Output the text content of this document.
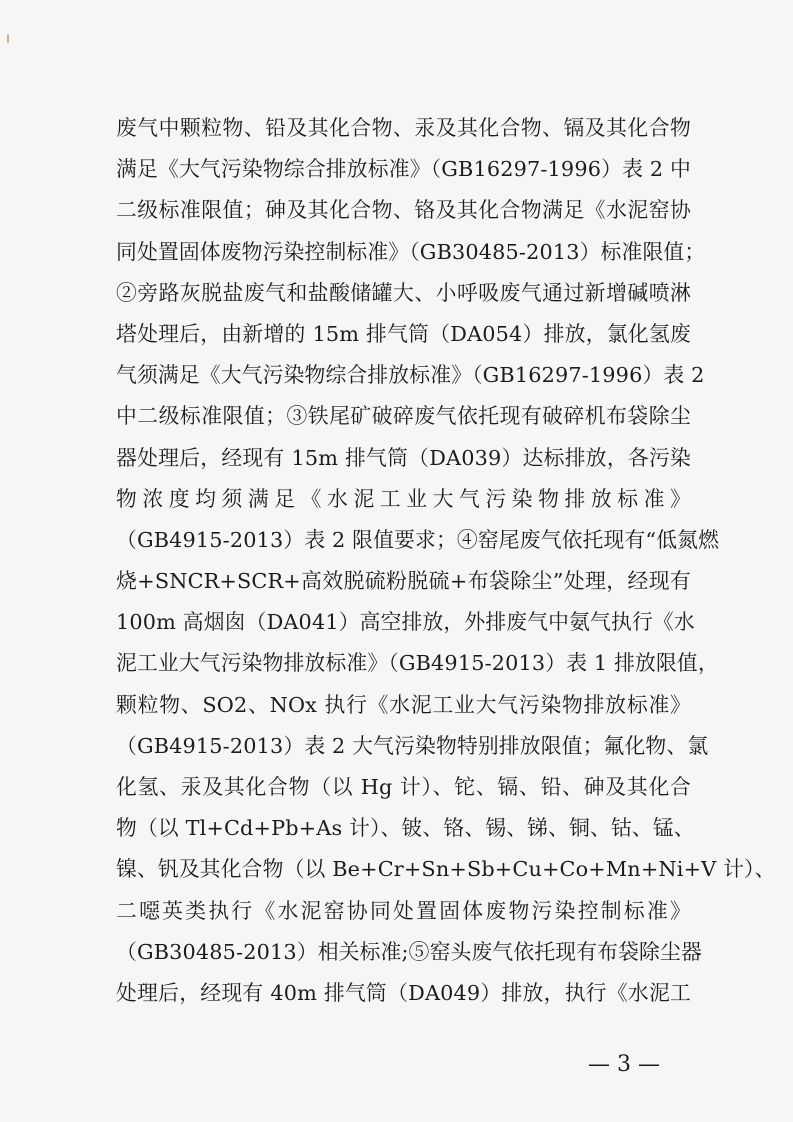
废气中颗粒物、铅及其化合物、汞及其化合物、镉及其化合物
满足《大气污染物综合排放标准》（GB16297-1996）表 2 中
二级标准限值；砷及其化合物、铬及其化合物满足《水泥窑协
同处置固体废物污染控制标准》（GB30485-2013）标准限值；
②旁路灰脱盐废气和盐酸储罐大、小呼吸废气通过新增碱喷淋
塔处理后，由新增的 15m 排气筒（DA054）排放，氯化氢废
气须满足《大气污染物综合排放标准》（GB16297-1996）表 2
中二级标准限值；③铁尾矿破碎废气依托现有破碎机布袋除尘
器处理后，经现有 15m 排气筒（DA039）达标排放，各污染
物浓度均须满足《水泥工业大气污染物排放标准》
（GB4915-2013）表 2 限值要求；④窑尾废气依托现有“低氮燃
烧+SNCR+SCR+高效脱硫粉脱硫+布袋除尘”处理，经现有
100m 高烟囱（DA041）高空排放，外排废气中氨气执行《水
泥工业大气污染物排放标准》（GB4915-2013）表 1 排放限值，
颗粒物、SO2、NOx 执行《水泥工业大气污染物排放标准》
（GB4915-2013）表 2 大气污染物特别排放限值；氟化物、氯
化氢、汞及其化合物（以 Hg 计）、铊、镉、铅、砷及其化合
物（以 Tl+Cd+Pb+As 计）、铍、铬、锡、锑、铜、钴、锰、
镍、钒及其化合物（以 Be+Cr+Sn+Sb+Cu+Co+Mn+Ni+V 计）、
二噁英类执行《水泥窑协同处置固体废物污染控制标准》
（GB30485-2013）相关标准;⑤窑头废气依托现有布袋除尘器
处理后，经现有 40m 排气筒（DA049）排放，执行《水泥工
— 3 —
